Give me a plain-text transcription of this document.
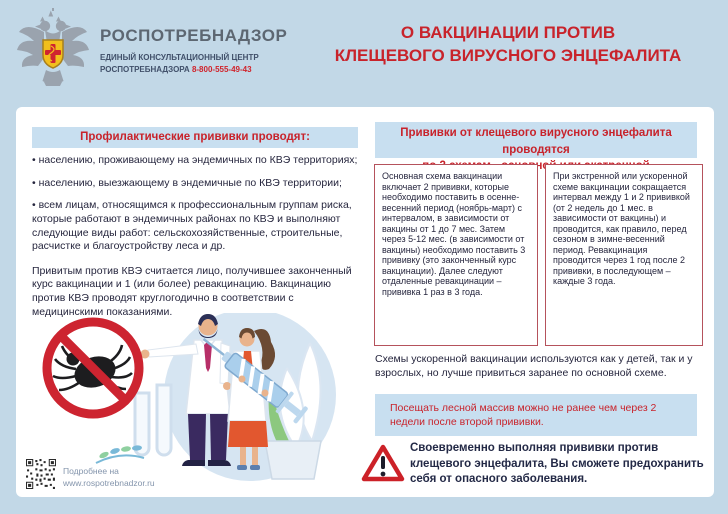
РОСПОТРЕБНАДЗОР
ЕДИНЫЙ КОНСУЛЬТАЦИОННЫЙ ЦЕНТР
РОСПОТРЕБНАДЗОРА 8-800-555-49-43
О ВАКЦИНАЦИИ ПРОТИВ
КЛЕЩЕВОГО ВИРУСНОГО ЭНЦЕФАЛИТА
Профилактические прививки проводят:
• населению, проживающему на эндемичных по КВЭ территориях;
• населению, выезжающему в эндемичные по КВЭ территории;
• всем лицам, относящимся к профессиональным группам риска, которые работают в эндемичных районах по КВЭ и выполняют следующие виды работ: сельскохозяйственные, строительные, расчистке и благоустройству леса и др.
Привитым против КВЭ считается лицо, получившее законченный курс вакцинации и 1 (или более) ревакцинацию. Вакцинацию против КВЭ проводят круглогодично в соответствии с медицинскими показаниями.
Подробнее на
www.rospotrebnadzor.ru
Прививки от клещевого вирусного энцефалита проводятся
Основная схема вакцинации включает 2 прививки, которые необходимо поставить в осенне-весенний период (ноябрь-март) с интервалом, в зависимости от вакцины от 1 до 7 мес. Затем через 5-12 мес. (в зависимости от вакцины) необходимо поставить 3 прививку (это законченный курс вакцинации). Далее следуют отдаленные ревакцинации – прививка 1 раз в 3 года.
При экстренной или ускоренной схеме вакцинации сокращается интервал между 1 и 2 прививкой (от 2 недель до 1 мес. в зависимости от вакцины) и проводится, как правило, перед сезоном в зимне-весенний период. Ревакцинация проводится через 1 год после 2 прививки, в последующем – каждые 3 года.
Схемы ускоренной вакцинации используются как у детей, так и у взрослых, но лучше привиться заранее по основной схеме.
Посещать лесной массив можно не ранее чем через 2 недели после второй прививки.
Своевременно выполняя прививки против клещевого энцефалита, Вы сможете предохранить себя от опасного заболевания.
